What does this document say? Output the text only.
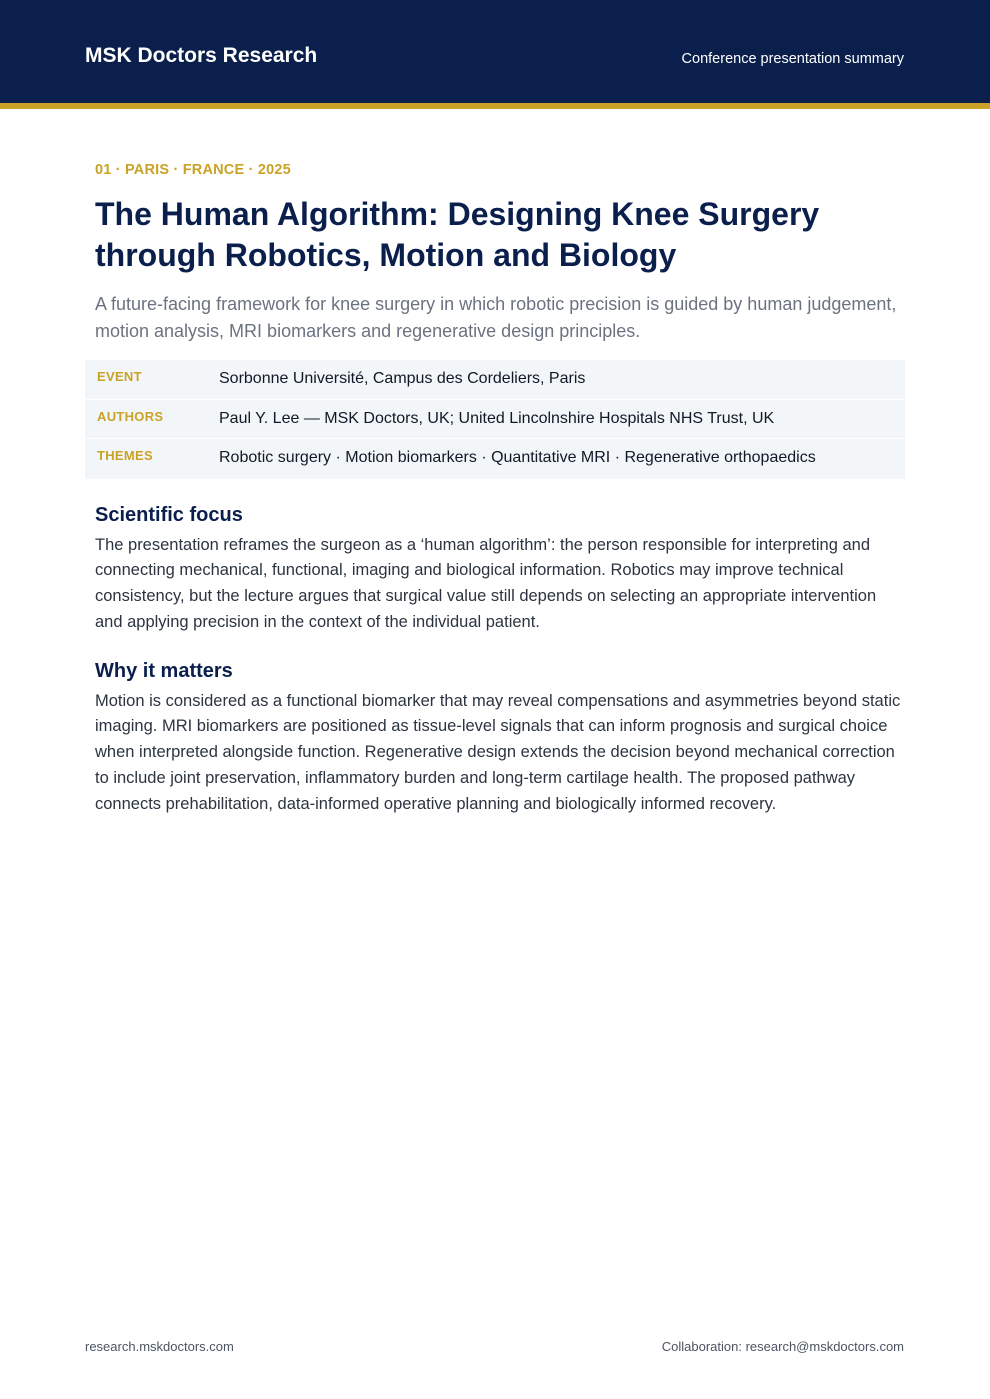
MSK Doctors Research	Conference presentation summary

01 · PARIS · FRANCE · 2025

The Human Algorithm: Designing Knee Surgery through Robotics, Motion and Biology

A future-facing framework for knee surgery in which robotic precision is guided by human judgement, motion analysis, MRI biomarkers and regenerative design principles.

EVENT	Sorbonne Université, Campus des Cordeliers, Paris
AUTHORS	Paul Y. Lee — MSK Doctors, UK; United Lincolnshire Hospitals NHS Trust, UK
THEMES	Robotic surgery · Motion biomarkers · Quantitative MRI · Regenerative orthopaedics
Scientific focus

The presentation reframes the surgeon as a ‘human algorithm’: the person responsible for interpreting and connecting mechanical, functional, imaging and biological information. Robotics may improve technical consistency, but the lecture argues that surgical value still depends on selecting an appropriate intervention and applying precision in the context of the individual patient.

Why it matters

Motion is considered as a functional biomarker that may reveal compensations and asymmetries beyond static imaging. MRI biomarkers are positioned as tissue-level signals that can inform prognosis and surgical choice when interpreted alongside function. Regenerative design extends the decision beyond mechanical correction to include joint preservation, inflammatory burden and long-term cartilage health. The proposed pathway connects prehabilitation, data-informed operative planning and biologically informed recovery.

research.mskdoctors.com	Collaboration: research@mskdoctors.com
